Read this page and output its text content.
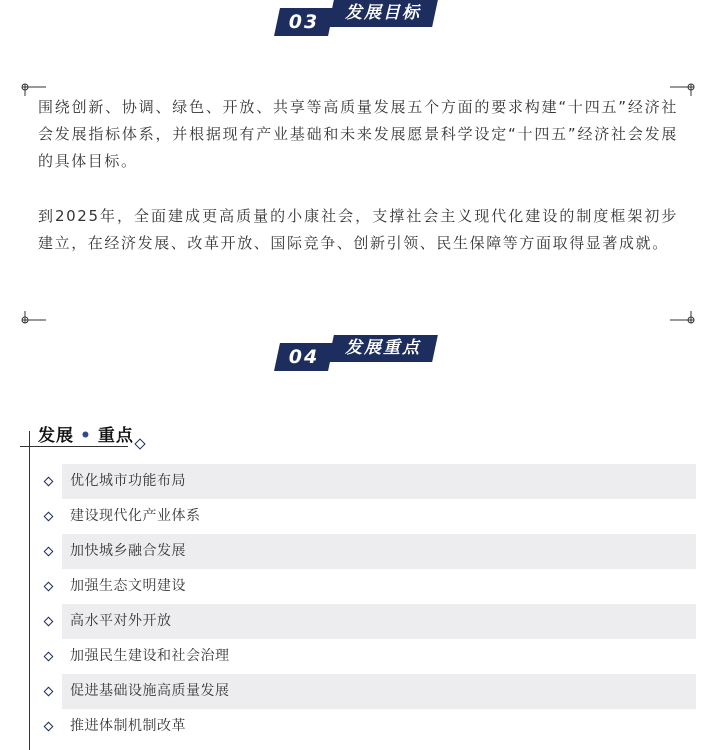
03	发展目标

围绕创新、协调、绿色、开放、共享等高质量发展五个方面的要求构建“十四五”经济社会发展指标体系，并根据现有产业基础和未来发展愿景科学设定“十四五”经济社会发展的具体目标。

到2025年，全面建成更高质量的小康社会，支撑社会主义现代化建设的制度框架初步建立，在经济发展、改革开放、国际竞争、创新引领、民生保障等方面取得显著成就。

04	发展重点
发展 • 重点
优化城市功能布局
建设现代化产业体系
加快城乡融合发展
加强生态文明建设
高水平对外开放
加强民生建设和社会治理
促进基础设施高质量发展
推进体制机制改革
